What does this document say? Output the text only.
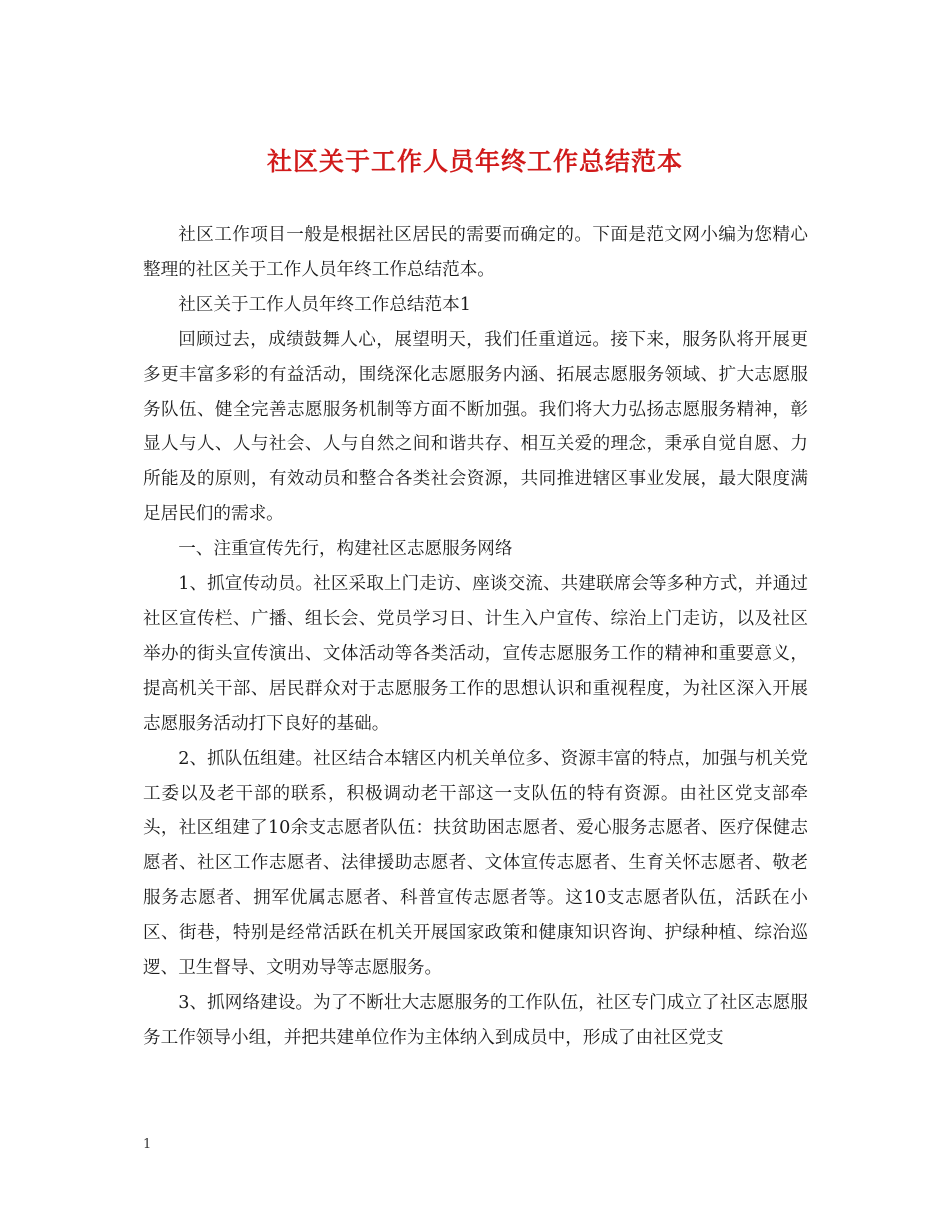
社区关于工作人员年终工作总结范本

社区工作项目一般是根据社区居民的需要而确定的。下面是范文网小编为您精心整理的社区关于工作人员年终工作总结范本。

社区关于工作人员年终工作总结范本1

回顾过去，成绩鼓舞人心，展望明天，我们任重道远。接下来，服务队将开展更多更丰富多彩的有益活动，围绕深化志愿服务内涵、拓展志愿服务领域、扩大志愿服务队伍、健全完善志愿服务机制等方面不断加强。我们将大力弘扬志愿服务精神，彰显人与人、人与社会、人与自然之间和谐共存、相互关爱的理念，秉承自觉自愿、力所能及的原则，有效动员和整合各类社会资源，共同推进辖区事业发展，最大限度满足居民们的需求。

一、注重宣传先行，构建社区志愿服务网络

1、抓宣传动员。社区采取上门走访、座谈交流、共建联席会等多种方式，并通过社区宣传栏、广播、组长会、党员学习日、计生入户宣传、综治上门走访，以及社区举办的街头宣传演出、文体活动等各类活动，宣传志愿服务工作的精神和重要意义，提高机关干部、居民群众对于志愿服务工作的思想认识和重视程度，为社区深入开展志愿服务活动打下良好的基础。

2、抓队伍组建。社区结合本辖区内机关单位多、资源丰富的特点，加强与机关党工委以及老干部的联系，积极调动老干部这一支队伍的特有资源。由社区党支部牵头，社区组建了10余支志愿者队伍：扶贫助困志愿者、爱心服务志愿者、医疗保健志愿者、社区工作志愿者、法律援助志愿者、文体宣传志愿者、生育关怀志愿者、敬老服务志愿者、拥军优属志愿者、科普宣传志愿者等。这10支志愿者队伍，活跃在小区、街巷，特别是经常活跃在机关开展国家政策和健康知识咨询、护绿种植、综治巡逻、卫生督导、文明劝导等志愿服务。

3、抓网络建设。为了不断壮大志愿服务的工作队伍，社区专门成立了社区志愿服务工作领导小组，并把共建单位作为主体纳入到成员中，形成了由社区党支

1
